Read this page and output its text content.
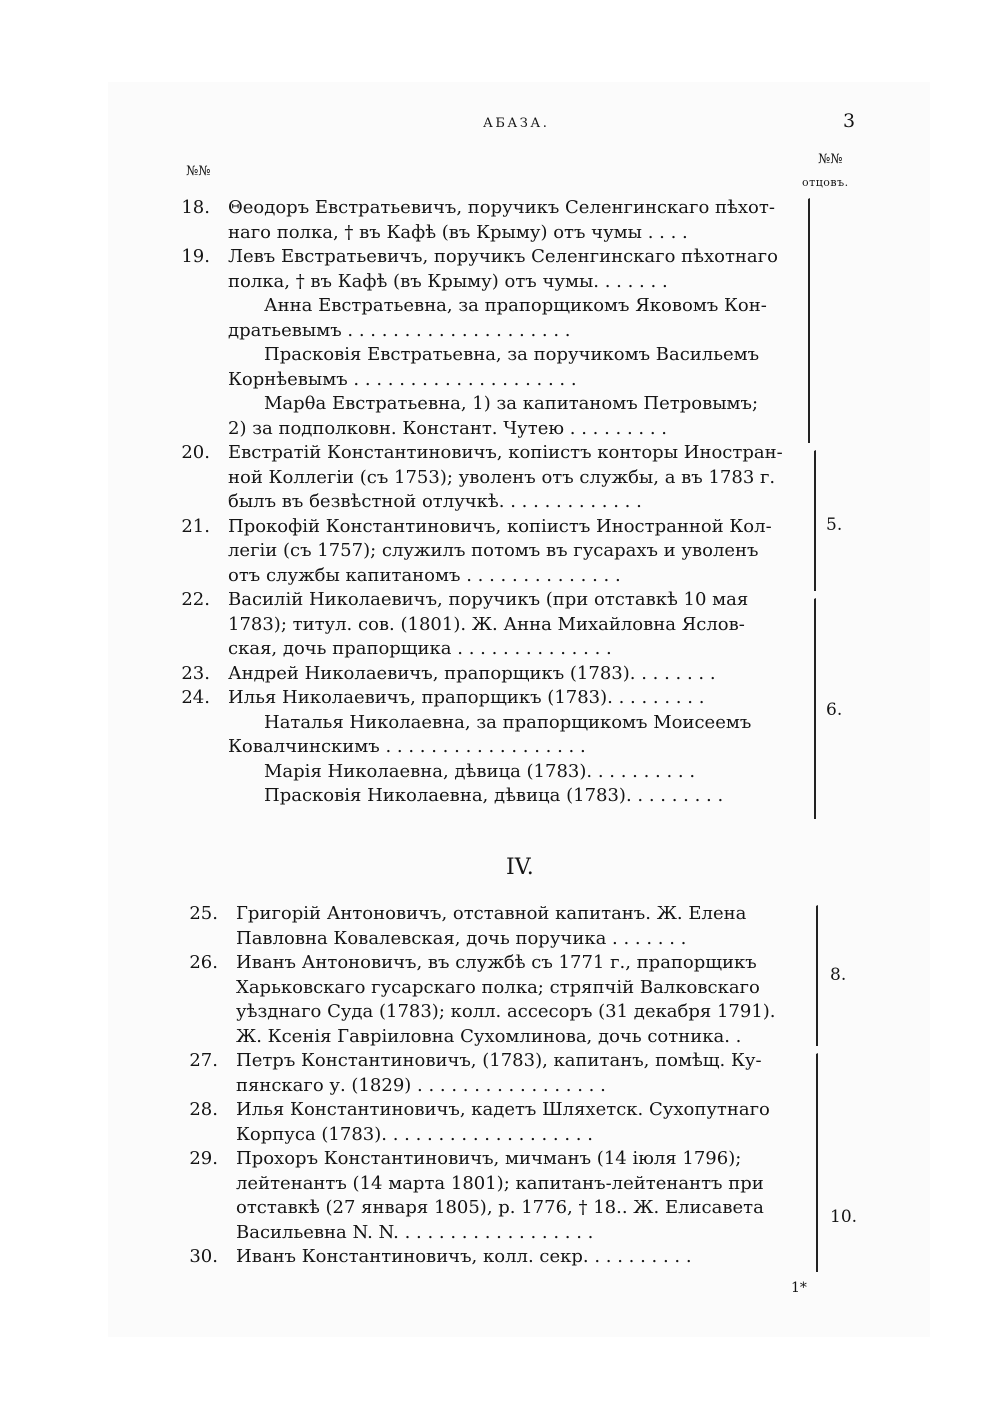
АБАЗА.	3
№№
№№
отцовъ.
18. Θеодоръ Евстратьевичъ, поручикъ Селенгинскаго пѣхот-
наго полка, † въ Кафѣ (въ Крыму) отъ чумы . . . .
19. Левъ Евстратьевичъ, поручикъ Селенгинскаго пѣхотнаго
полка, † въ Кафѣ (въ Крыму) отъ чумы. . . . . . .
Анна Евстратьевна, за прапорщикомъ Яковомъ Кон-
дратьевымъ . . . . . . . . . . . . . . . . . . . .
Прасковія Евстратьевна, за поручикомъ Васильемъ
Корнѣевымъ . . . . . . . . . . . . . . . . . . . .
Марθа Евстратьевна, 1) за капитаномъ Петровымъ;
2) за подполковн. Констант. Чутею . . . . . . . . .
20. Евстратій Константиновичъ, копіистъ конторы Иностран-
ной Коллегіи (съ 1753); уволенъ отъ службы, а въ 1783 г.
былъ въ безвѣстной отлучкѣ. . . . . . . . . . . . .
21. Прокофій Константиновичъ, копіистъ Иностранной Кол-
легіи (съ 1757); служилъ потомъ въ гусарахъ и уволенъ
отъ службы капитаномъ . . . . . . . . . . . . . .
22. Василій Николаевичъ, поручикъ (при отставкѣ 10 мая
1783); титул. сов. (1801). Ж. Анна Михайловна Яслов-
ская, дочь прапорщика . . . . . . . . . . . . . .
23. Андрей Николаевичъ, прапорщикъ (1783). . . . . . . .
24. Илья Николаевичъ, прапорщикъ (1783). . . . . . . . .
Наталья Николаевна, за прапорщикомъ Моисеемъ
Ковалчинскимъ . . . . . . . . . . . . . . . . . .
Марія Николаевна, дѣвица (1783). . . . . . . . . .
Прасковія Николаевна, дѣвица (1783). . . . . . . . .
IV.
25. Григорій Антоновичъ, отставной капитанъ. Ж. Елена
Павловна Ковалевская, дочь поручика . . . . . . .
26. Иванъ Антоновичъ, въ службѣ съ 1771 г., прапорщикъ
Харьковскаго гусарскаго полка; стряпчій Валковскаго
уѣзднаго Суда (1783); колл. ассесоръ (31 декабря 1791).
Ж. Ксенія Гавріиловна Сухомлинова, дочь сотника. .
27. Петръ Константиновичъ, (1783), капитанъ, помѣщ. Ку-
пянскаго у. (1829) . . . . . . . . . . . . . . . . .
28. Илья Константиновичъ, кадетъ Шляхетск. Сухопутнаго
Корпуса (1783). . . . . . . . . . . . . . . . . . .
29. Прохоръ Константиновичъ, мичманъ (14 іюля 1796);
лейтенантъ (14 марта 1801); капитанъ-лейтенантъ при
отставкѣ (27 января 1805), р. 1776, † 18.. Ж. Елисавета
Васильевна N. N. . . . . . . . . . . . . . . . . .
30. Иванъ Константиновичъ, колл. секр. . . . . . . . . .
5.
6.
8.
10.
1*
